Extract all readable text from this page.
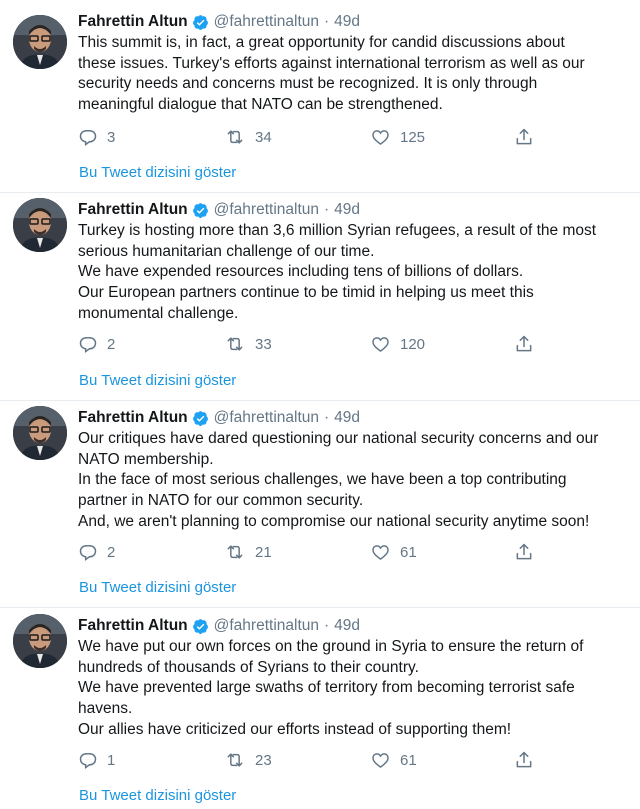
Fahrettin Altun @fahrettinaltun · 49d
This summit is, in fact, a great opportunity for candid discussions about
these issues. Turkey's efforts against international terrorism as well as our
security needs and concerns must be recognized. It is only through
meaningful dialogue that NATO can be strengthened.
3	34	125
Bu Tweet dizisini göster
Fahrettin Altun @fahrettinaltun · 49d
Turkey is hosting more than 3,6 million Syrian refugees, a result of the most
serious humanitarian challenge of our time.
We have expended resources including tens of billions of dollars.
Our European partners continue to be timid in helping us meet this
monumental challenge.
2	33	120
Bu Tweet dizisini göster
Fahrettin Altun @fahrettinaltun · 49d
Our critiques have dared questioning our national security concerns and our
NATO membership.
In the face of most serious challenges, we have been a top contributing
partner in NATO for our common security.
And, we aren't planning to compromise our national security anytime soon!
2	21	61
Bu Tweet dizisini göster
Fahrettin Altun @fahrettinaltun · 49d
We have put our own forces on the ground in Syria to ensure the return of
hundreds of thousands of Syrians to their country.
We have prevented large swaths of territory from becoming terrorist safe
havens.
Our allies have criticized our efforts instead of supporting them!
1	23	61
Bu Tweet dizisini göster
